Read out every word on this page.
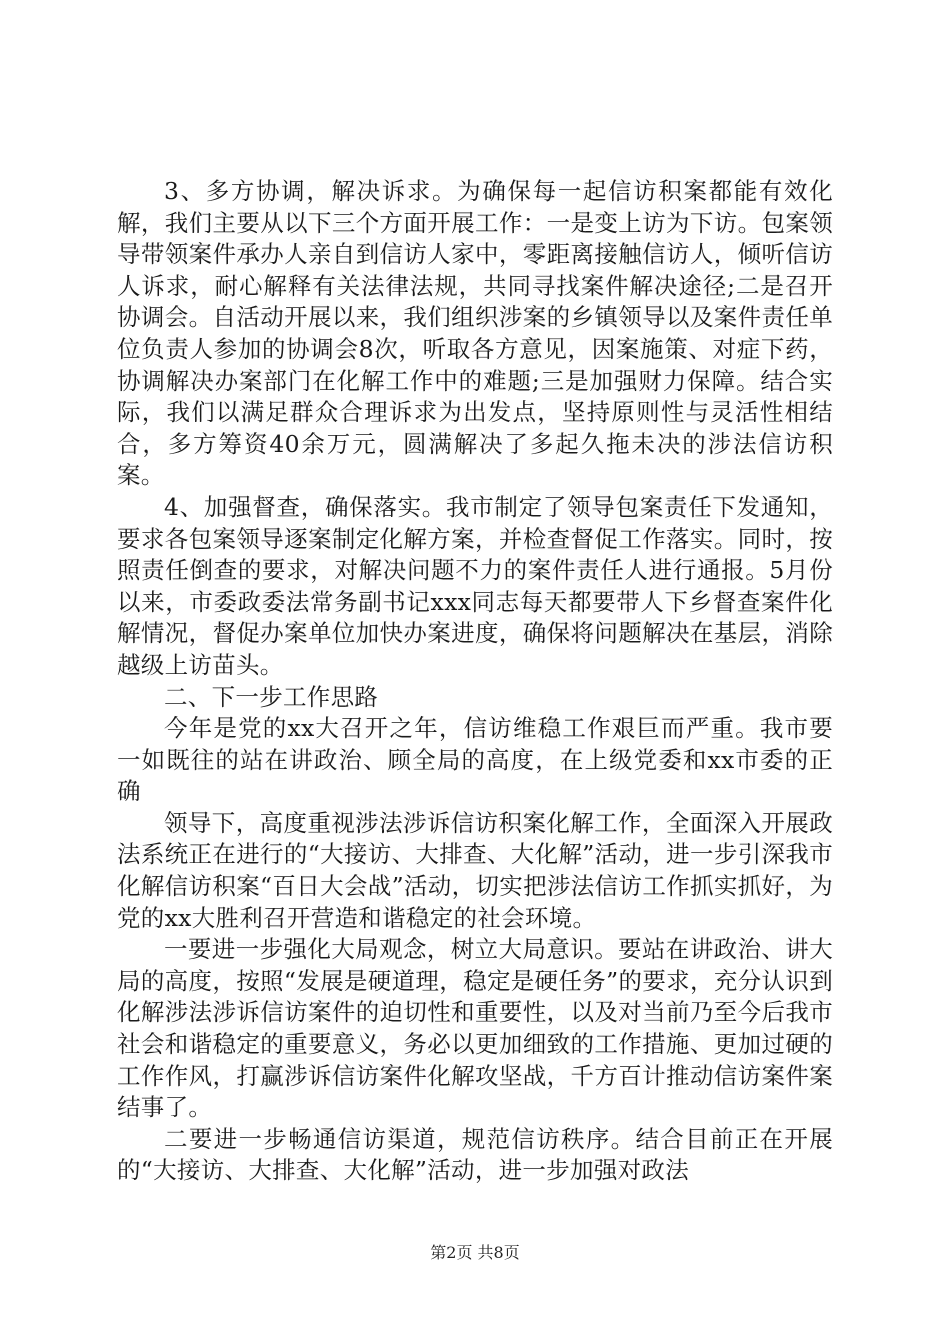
3、多方协调，解决诉求。为确保每一起信访积案都能有效化解，我们主要从以下三个方面开展工作：一是变上访为下访。包案领导带领案件承办人亲自到信访人家中，零距离接触信访人，倾听信访人诉求，耐心解释有关法律法规，共同寻找案件解决途径;二是召开协调会。自活动开展以来，我们组织涉案的乡镇领导以及案件责任单位负责人参加的协调会8次，听取各方意见，因案施策、对症下药，协调解决办案部门在化解工作中的难题;三是加强财力保障。结合实际，我们以满足群众合理诉求为出发点，坚持原则性与灵活性相结合，多方筹资40余万元，圆满解决了多起久拖未决的涉法信访积案。

4、加强督查，确保落实。我市制定了领导包案责任下发通知，要求各包案领导逐案制定化解方案，并检查督促工作落实。同时，按照责任倒查的要求，对解决问题不力的案件责任人进行通报。5月份以来，市委政委法常务副书记xxx同志每天都要带人下乡督查案件化解情况，督促办案单位加快办案进度，确保将问题解决在基层，消除越级上访苗头。

二、下一步工作思路

今年是党的xx大召开之年，信访维稳工作艰巨而严重。我市要一如既往的站在讲政治、顾全局的高度，在上级党委和xx市委的正确

领导下，高度重视涉法涉诉信访积案化解工作，全面深入开展政法系统正在进行的“大接访、大排查、大化解”活动，进一步引深我市化解信访积案“百日大会战”活动，切实把涉法信访工作抓实抓好，为党的xx大胜利召开营造和谐稳定的社会环境。

一要进一步强化大局观念，树立大局意识。要站在讲政治、讲大局的高度，按照“发展是硬道理，稳定是硬任务”的要求，充分认识到化解涉法涉诉信访案件的迫切性和重要性，以及对当前乃至今后我市社会和谐稳定的重要意义，务必以更加细致的工作措施、更加过硬的工作作风，打赢涉诉信访案件化解攻坚战，千方百计推动信访案件案结事了。

二要进一步畅通信访渠道，规范信访秩序。结合目前正在开展的“大接访、大排查、大化解”活动，进一步加强对政法

第2页 共8页
